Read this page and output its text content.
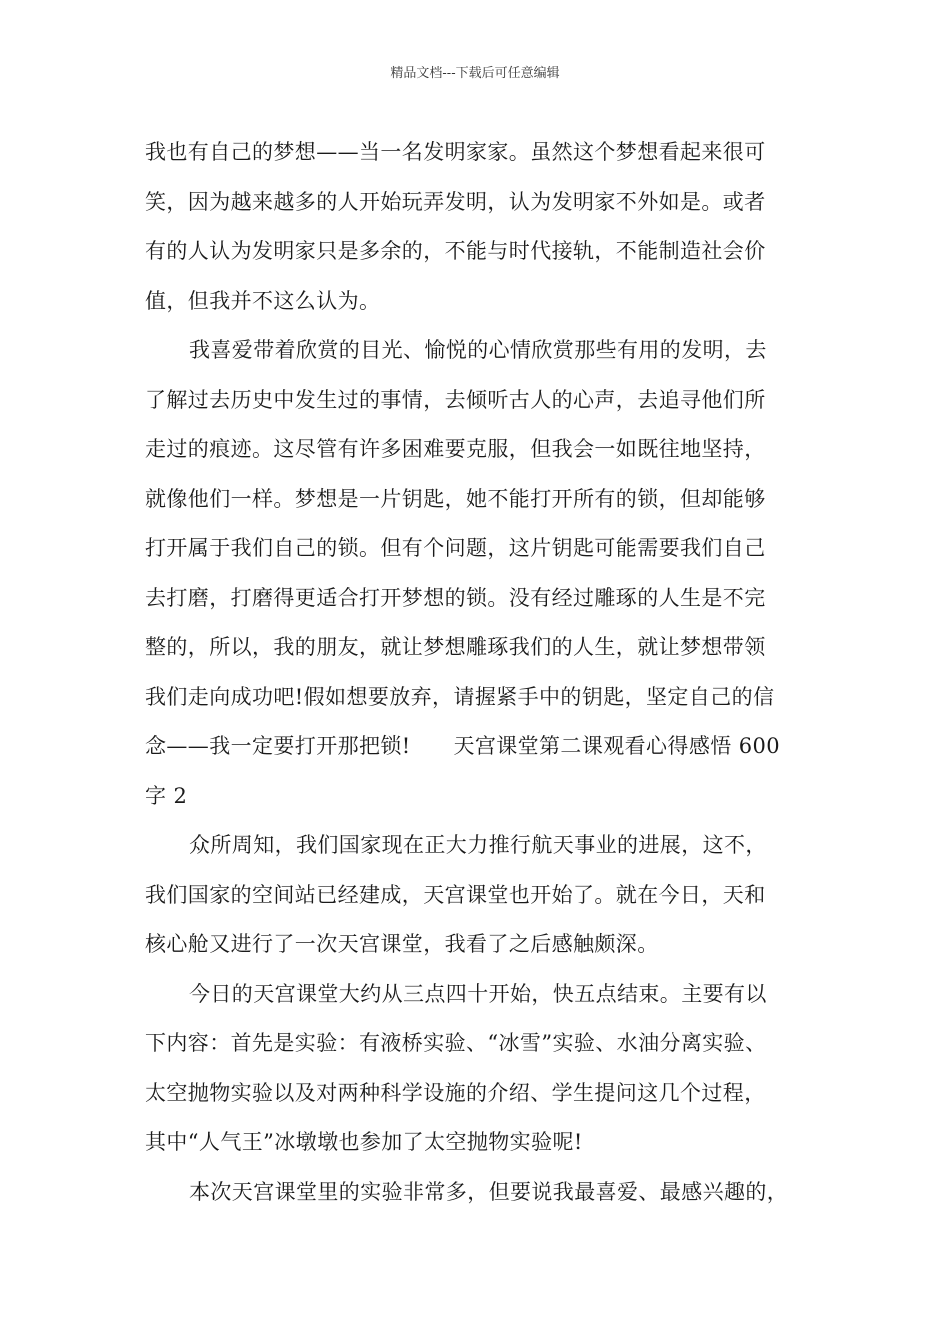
精品文档---下载后可任意编辑
我也有自己的梦想——当一名发明家家。虽然这个梦想看起来很可
笑，因为越来越多的人开始玩弄发明，认为发明家不外如是。或者
有的人认为发明家只是多余的，不能与时代接轨，不能制造社会价
值，但我并不这么认为。
我喜爱带着欣赏的目光、愉悦的心情欣赏那些有用的发明，去
了解过去历史中发生过的事情，去倾听古人的心声，去追寻他们所
走过的痕迹。这尽管有许多困难要克服，但我会一如既往地坚持，
就像他们一样。梦想是一片钥匙，她不能打开所有的锁，但却能够
打开属于我们自己的锁。但有个问题，这片钥匙可能需要我们自己
去打磨，打磨得更适合打开梦想的锁。没有经过雕琢的人生是不完
整的，所以，我的朋友，就让梦想雕琢我们的人生，就让梦想带领
我们走向成功吧!假如想要放弃，请握紧手中的钥匙，坚定自己的信
念——我一定要打开那把锁!　　天宫课堂第二课观看心得感悟 600
字 2
众所周知，我们国家现在正大力推行航天事业的进展，这不，
我们国家的空间站已经建成，天宫课堂也开始了。就在今日，天和
核心舱又进行了一次天宫课堂，我看了之后感触颇深。
今日的天宫课堂大约从三点四十开始，快五点结束。主要有以
下内容：首先是实验：有液桥实验、“冰雪”实验、水油分离实验、
太空抛物实验以及对两种科学设施的介绍、学生提问这几个过程，
其中“人气王”冰墩墩也参加了太空抛物实验呢!
本次天宫课堂里的实验非常多，但要说我最喜爱、最感兴趣的，
